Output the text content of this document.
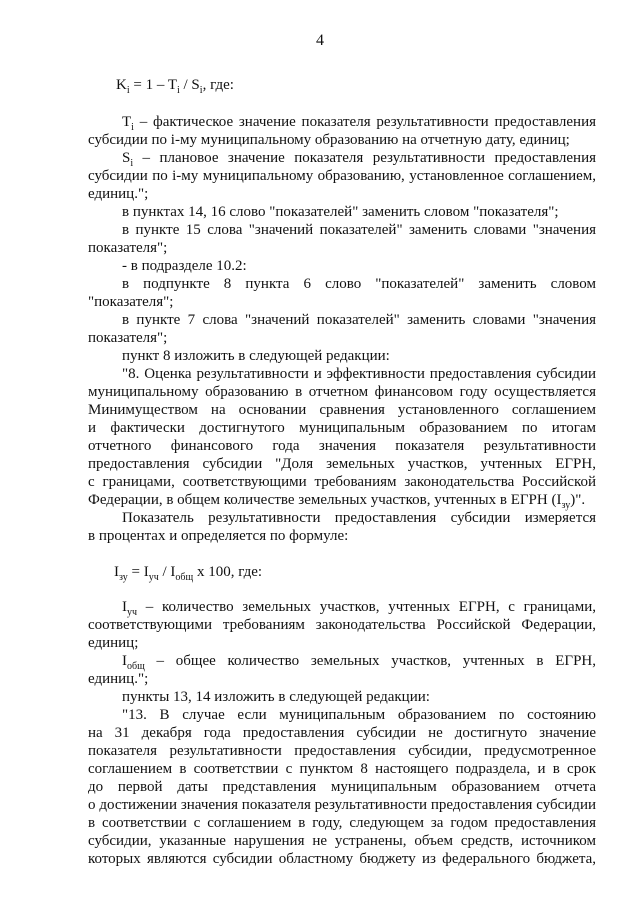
4
$K_i = 1 - T_i / S_i$, где:
$T_i$ – фактическое значение показателя результативности предоставления
субсидии по i-му муниципальному образованию на отчетную дату, единиц;
$S_i$ – плановое значение показателя результативности предоставления
субсидии по i-му муниципальному образованию, установленное соглашением,
единиц.";
в пунктах 14, 16 слово "показателей" заменить словом "показателя";
в пункте 15 слова "значений показателей" заменить словами "значения
показателя";
- в подразделе 10.2:
в подпункте 8 пункта 6 слово "показателей" заменить словом
"показателя";
в пункте 7 слова "значений показателей" заменить словами "значения
показателя";
пункт 8 изложить в следующей редакции:
"8. Оценка результативности и эффективности предоставления субсидии
муниципальному образованию в отчетном финансовом году осуществляется
Минимуществом на основании сравнения установленного соглашением
и фактически достигнутого муниципальным образованием по итогам
отчетного финансового года значения показателя результативности
предоставления субсидии "Доля земельных участков, учтенных ЕГРН,
с границами, соответствующими требованиям законодательства Российской
Федерации, в общем количестве земельных участков, учтенных в ЕГРН $(I_{зу})$".
Показатель результативности предоставления субсидии измеряется
в процентах и определяется по формуле:
$I_{зу} = I_{уч} / I_{общ}$ х 100, где:
$I_{уч}$ – количество земельных участков, учтенных ЕГРН, с границами,
соответствующими требованиям законодательства Российской Федерации,
единиц;
$I_{общ}$ – общее количество земельных участков, учтенных в ЕГРН,
единиц.";
пункты 13, 14 изложить в следующей редакции:
"13. В случае если муниципальным образованием по состоянию
на 31 декабря года предоставления субсидии не достигнуто значение
показателя результативности предоставления субсидии, предусмотренное
соглашением в соответствии с пунктом 8 настоящего подраздела, и в срок
до первой даты представления муниципальным образованием отчета
о достижении значения показателя результативности предоставления субсидии
в соответствии с соглашением в году, следующем за годом предоставления
субсидии, указанные нарушения не устранены, объем средств, источником
которых являются субсидии областному бюджету из федерального бюджета,
